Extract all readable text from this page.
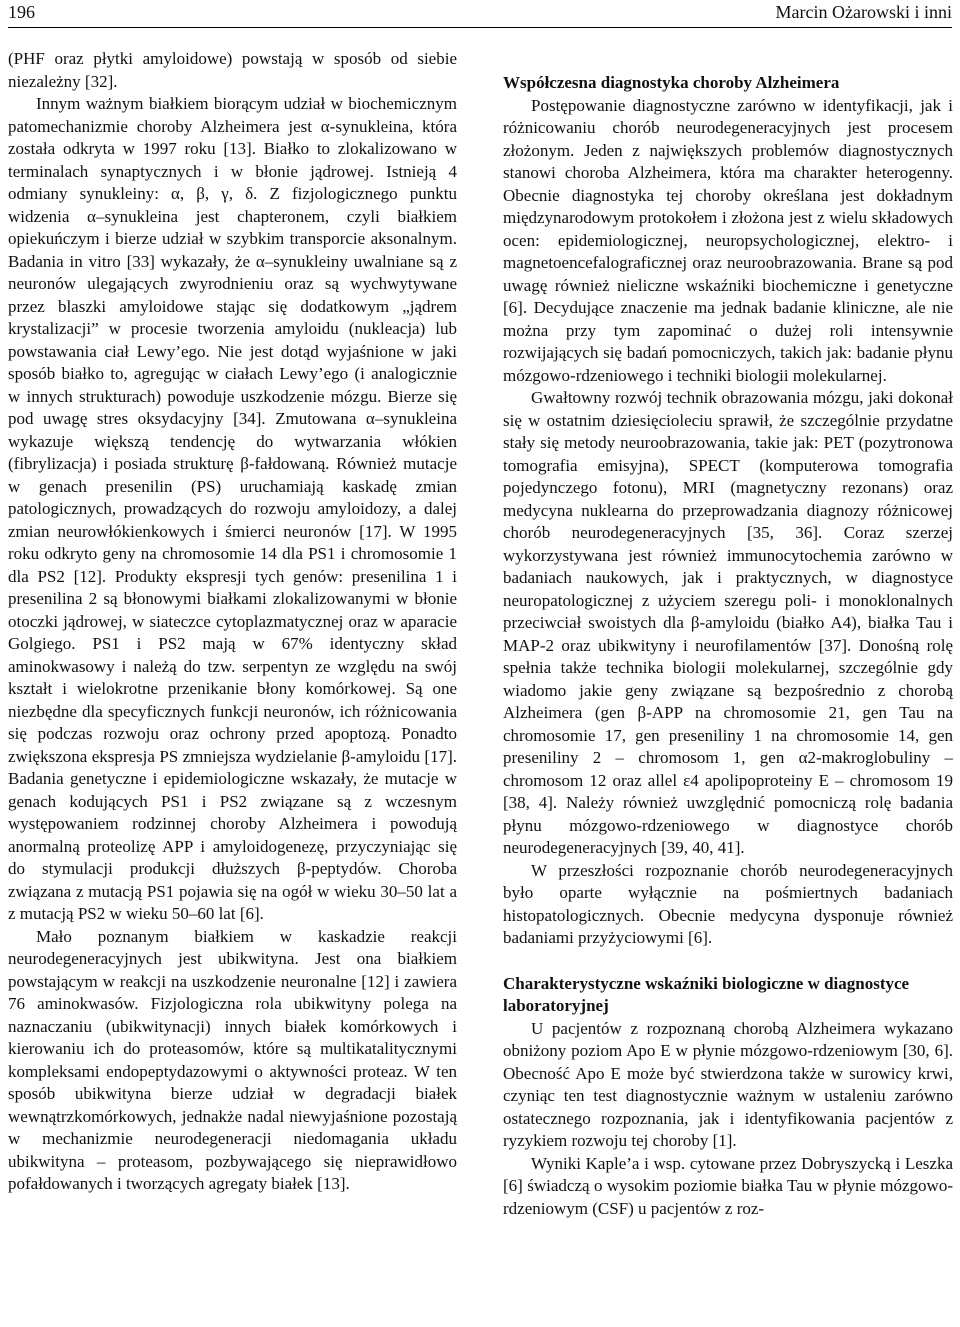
196	Marcin Ożarowski i inni

(PHF oraz płytki amyloidowe) powstają w sposób od siebie niezależny [32].

Innym ważnym białkiem biorącym udział w biochemicznym patomechanizmie choroby Alzheimera jest α-synukleina, która została odkryta w 1997 roku [13]. Białko to zlokalizowano w terminalach synaptycznych i w błonie jądrowej. Istnieją 4 odmiany synukleiny: α, β, γ, δ. Z fizjologicznego punktu widzenia α–synukleina jest chapteronem, czyli białkiem opiekuńczym i bierze udział w szybkim transporcie aksonalnym. Badania in vitro [33] wykazały, że α–synukleiny uwalniane są z neuronów ulegających zwyrodnieniu oraz są wychwytywane przez blaszki amyloidowe stając się dodatkowym „jądrem krystalizacji” w procesie tworzenia amyloidu (nukleacja) lub powstawania ciał Lewy’ego. Nie jest dotąd wyjaśnione w jaki sposób białko to, agregując w ciałach Lewy’ego (i analogicznie w innych strukturach) powoduje uszkodzenie mózgu. Bierze się pod uwagę stres oksydacyjny [34]. Zmutowana α–synukleina wykazuje większą tendencję do wytwarzania włókien (fibrylizacja) i posiada strukturę β-fałdowaną. Również mutacje w genach presenilin (PS) uruchamiają kaskadę zmian patologicznych, prowadzących do rozwoju amyloidozy, a dalej zmian neurowłókienkowych i śmierci neuronów [17]. W 1995 roku odkryto geny na chromosomie 14 dla PS1 i chromosomie 1 dla PS2 [12]. Produkty ekspresji tych genów: presenilina 1 i presenilina 2 są błonowymi białkami zlokalizowanymi w błonie otoczki jądrowej, w siateczce cytoplazmatycznej oraz w aparacie Golgiego. PS1 i PS2 mają w 67% identyczny skład aminokwasowy i należą do tzw. serpentyn ze względu na swój kształt i wielokrotne przenikanie błony komórkowej. Są one niezbędne dla specyficznych funkcji neuronów, ich różnicowania się podczas rozwoju oraz ochrony przed apoptozą. Ponadto zwiększona ekspresja PS zmniejsza wydzielanie β-amyloidu [17]. Badania genetyczne i epidemiologiczne wskazały, że mutacje w genach kodujących PS1 i PS2 związane są z wczesnym występowaniem rodzinnej choroby Alzheimera i powodują anormalną proteolizę APP i amyloidogenezę, przyczyniając się do stymulacji produkcji dłuższych β-peptydów. Choroba związana z mutacją PS1 pojawia się na ogół w wieku 30–50 lat a z mutacją PS2 w wieku 50–60 lat [6].

Mało poznanym białkiem w kaskadzie reakcji neurodegeneracyjnych jest ubikwityna. Jest ona białkiem powstającym w reakcji na uszkodzenie neuronalne [12] i zawiera 76 aminokwasów. Fizjologiczna rola ubikwityny polega na naznaczaniu (ubikwitynacji) innych białek komórkowych i kierowaniu ich do proteasomów, które są multikatalitycznymi kompleksami endopeptydazowymi o aktywności proteaz. W ten sposób ubikwityna bierze udział w degradacji białek wewnątrzkomórkowych, jednakże nadal niewyjaśnione pozostają w mechanizmie neurodegeneracji niedomagania układu ubikwityna – proteasom, pozbywającego się nieprawidłowo pofałdowanych i tworzących agregaty białek [13].

Współczesna diagnostyka choroby Alzheimera

Postępowanie diagnostyczne zarówno w identyfikacji, jak i różnicowaniu chorób neurodegeneracyjnych jest procesem złożonym. Jeden z największych problemów diagnostycznych stanowi choroba Alzheimera, która ma charakter heterogenny. Obecnie diagnostyka tej choroby określana jest dokładnym międzynarodowym protokołem i złożona jest z wielu składowych ocen: epidemiologicznej, neuropsychologicznej, elektro- i magnetoencefalograficznej oraz neuroobrazowania. Brane są pod uwagę również nieliczne wskaźniki biochemiczne i genetyczne [6]. Decydujące znaczenie ma jednak badanie kliniczne, ale nie można przy tym zapominać o dużej roli intensywnie rozwijających się badań pomocniczych, takich jak: badanie płynu mózgowo-rdzeniowego i techniki biologii molekularnej.

Gwałtowny rozwój technik obrazowania mózgu, jaki dokonał się w ostatnim dziesięcioleciu sprawił, że szczególnie przydatne stały się metody neuroobrazowania, takie jak: PET (pozytronowa tomografia emisyjna), SPECT (komputerowa tomografia pojedynczego fotonu), MRI (magnetyczny rezonans) oraz medycyna nuklearna do przeprowadzania diagnozy różnicowej chorób neurodegeneracyjnych [35, 36]. Coraz szerzej wykorzystywana jest również immunocytochemia zarówno w badaniach naukowych, jak i praktycznych, w diagnostyce neuropatologicznej z użyciem szeregu poli- i monoklonalnych przeciwciał swoistych dla β-amyloidu (białko A4), białka Tau i MAP-2 oraz ubikwityny i neurofilamentów [37]. Donośną rolę spełnia także technika biologii molekularnej, szczególnie gdy wiadomo jakie geny związane są bezpośrednio z chorobą Alzheimera (gen β-APP na chromosomie 21, gen Tau na chromosomie 17, gen preseniliny 1 na chromosomie 14, gen preseniliny 2 – chromosom 1, gen α2-makroglobuliny – chromosom 12 oraz allel ε4 apolipoproteiny E – chromosom 19 [38, 4]. Należy również uwzględnić pomocniczą rolę badania płynu mózgowo-rdzeniowego w diagnostyce chorób neurodegeneracyjnych [39, 40, 41].

W przeszłości rozpoznanie chorób neurodegeneracyjnych było oparte wyłącznie na pośmiertnych badaniach histopatologicznych. Obecnie medycyna dysponuje również badaniami przyżyciowymi [6].

Charakterystyczne wskaźniki biologiczne w diagnostyce laboratoryjnej

U pacjentów z rozpoznaną chorobą Alzheimera wykazano obniżony poziom Apo E w płynie mózgowo-rdzeniowym [30, 6]. Obecność Apo E może być stwierdzona także w surowicy krwi, czyniąc ten test diagnostycznie ważnym w ustaleniu zarówno ostatecznego rozpoznania, jak i identyfikowania pacjentów z ryzykiem rozwoju tej choroby [1].

Wyniki Kaple’a i wsp. cytowane przez Dobryszycką i Leszka [6] świadczą o wysokim poziomie białka Tau w płynie mózgowo-rdzeniowym (CSF) u pacjentów z roz-
